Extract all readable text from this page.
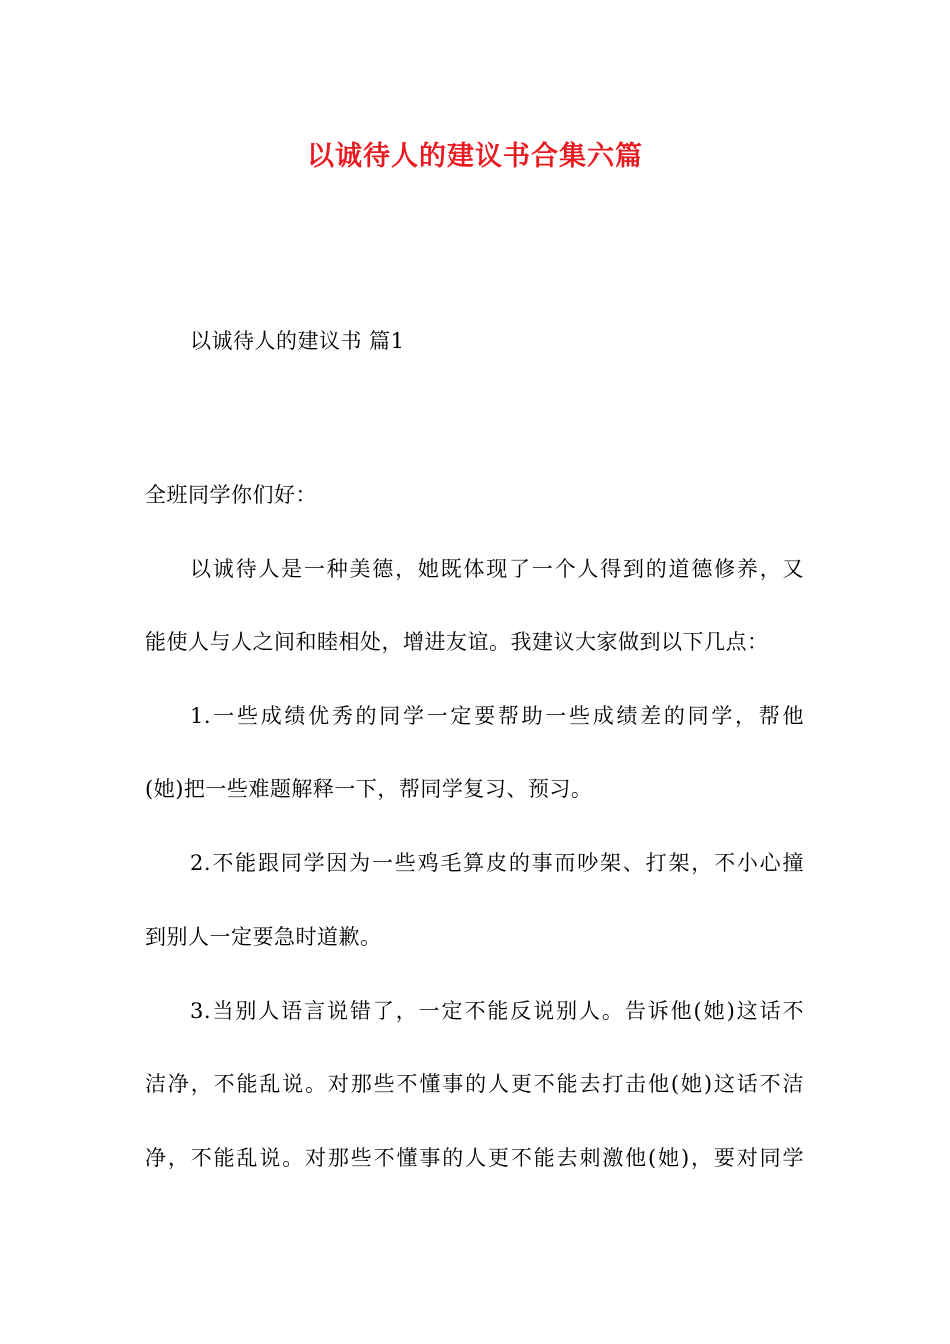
以诚待人的建议书合集六篇
以诚待人的建议书 篇1
全班同学你们好：
以诚待人是一种美德，她既体现了一个人得到的道德修养，又
能使人与人之间和睦相处，增进友谊。我建议大家做到以下几点：
1.一些成绩优秀的同学一定要帮助一些成绩差的同学，帮他
(她)把一些难题解释一下，帮同学复习、预习。
2.不能跟同学因为一些鸡毛算皮的事而吵架、打架，不小心撞
到别人一定要急时道歉。
3.当别人语言说错了，一定不能反说别人。告诉他(她)这话不
洁净，不能乱说。对那些不懂事的人更不能去打击他(她)这话不洁
净，不能乱说。对那些不懂事的人更不能去刺激他(她)，要对同学
